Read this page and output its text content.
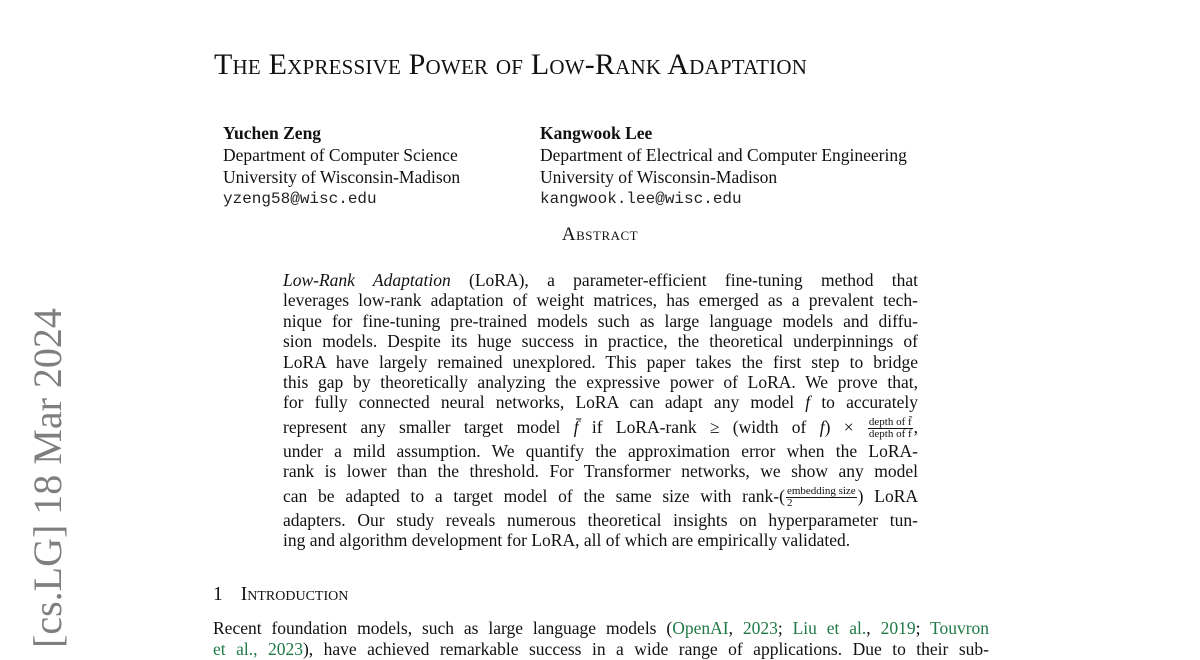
[cs.LG] 18 Mar 2024
The Expressive Power of Low-Rank Adaptation
Yuchen Zeng
Department of Computer Science
University of Wisconsin-Madison
yzeng58@wisc.edu
Kangwook Lee
Department of Electrical and Computer Engineering
University of Wisconsin-Madison
kangwook.lee@wisc.edu
Abstract
Low-Rank Adaptation (LoRA), a parameter-efficient fine-tuning method that
leverages low-rank adaptation of weight matrices, has emerged as a prevalent tech-
nique for fine-tuning pre-trained models such as large language models and diffu-
sion models. Despite its huge success in practice, the theoretical underpinnings of
LoRA have largely remained unexplored. This paper takes the first step to bridge
this gap by theoretically analyzing the expressive power of LoRA. We prove that,
for fully connected neural networks, LoRA can adapt any model f to accurately
represent any smaller target model f̄ if LoRA-rank ≥ (width of $f) \times \frac{\text{depth of f̄}}{\text{depth of f}}$ ,
under a mild assumption. We quantify the approximation error when the LoRA-
rank is lower than the threshold. For Transformer networks, we show any model
can be adapted to a target model of the same size with rank-( $\frac{\text{embedding size}}{2}$ ) LoRA
adapters. Our study reveals numerous theoretical insights on hyperparameter tun-
ing and algorithm development for LoRA, all of which are empirically validated.
1 Introduction
Recent foundation models, such as large language models (OpenAI, 2023; Liu et al., 2019; Touvron
et al., 2023), have achieved remarkable success in a wide range of applications. Due to their sub-
